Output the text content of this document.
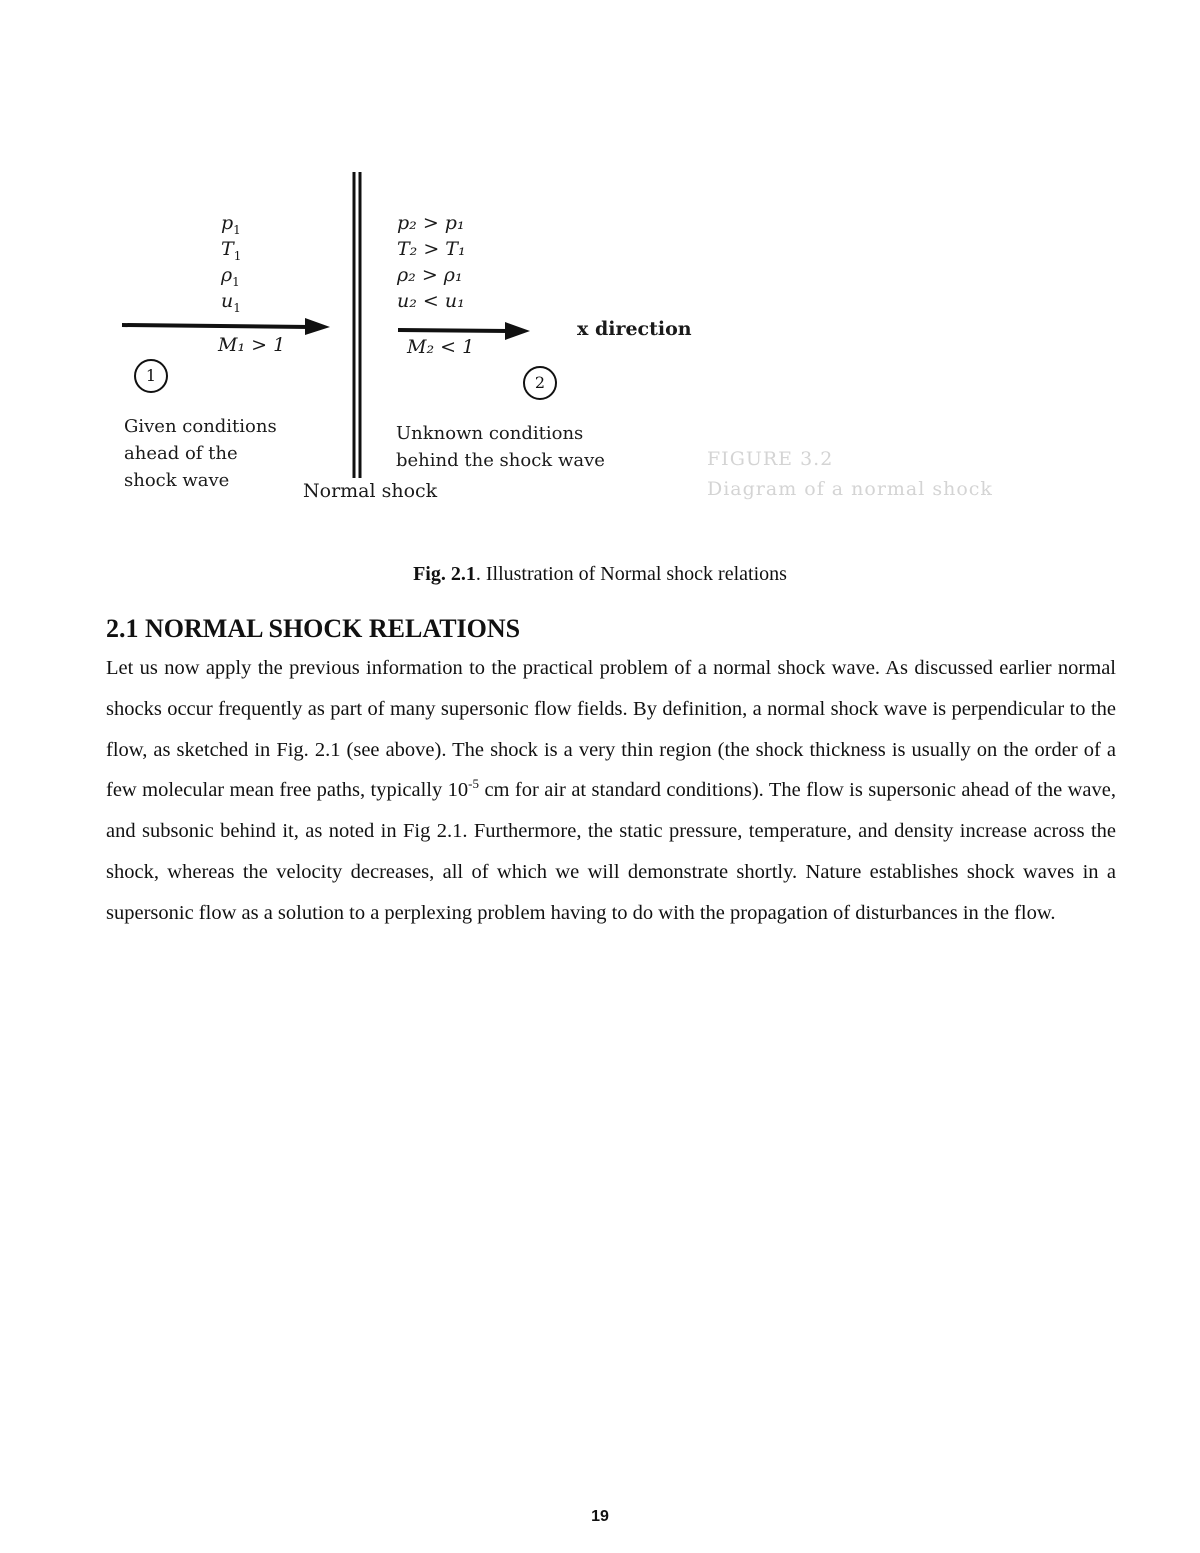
$p_1$
$T_1$
$\rho_1$
$u_1$
M₁ > 1
p₂ > p₁
T₂ > T₁
ρ₂ > ρ₁
u₂ < u₁
M₂ < 1
x direction
1	2
Given conditions
ahead of the
shock wave
Unknown conditions
behind the shock wave
Normal shock
FIGURE 3.2
Diagram of a normal shock
Fig. 2.1. Illustration of Normal shock relations
2.1 NORMAL SHOCK RELATIONS
Let us now apply the previous information to the practical problem of a normal shock wave. As discussed earlier normal shocks occur frequently as part of many supersonic flow fields. By definition, a normal shock wave is perpendicular to the flow, as sketched in Fig. 2.1 (see above). The shock is a very thin region (the shock thickness is usually on the order of a few molecular mean free paths, typically $10^{-5}$ cm for air at standard conditions). The flow is supersonic ahead of the wave, and subsonic behind it, as noted in Fig 2.1. Furthermore, the static pressure, temperature, and density increase across the shock, whereas the velocity decreases, all of which we will demonstrate shortly. Nature establishes shock waves in a supersonic flow as a solution to a perplexing problem having to do with the propagation of disturbances in the flow.
19
